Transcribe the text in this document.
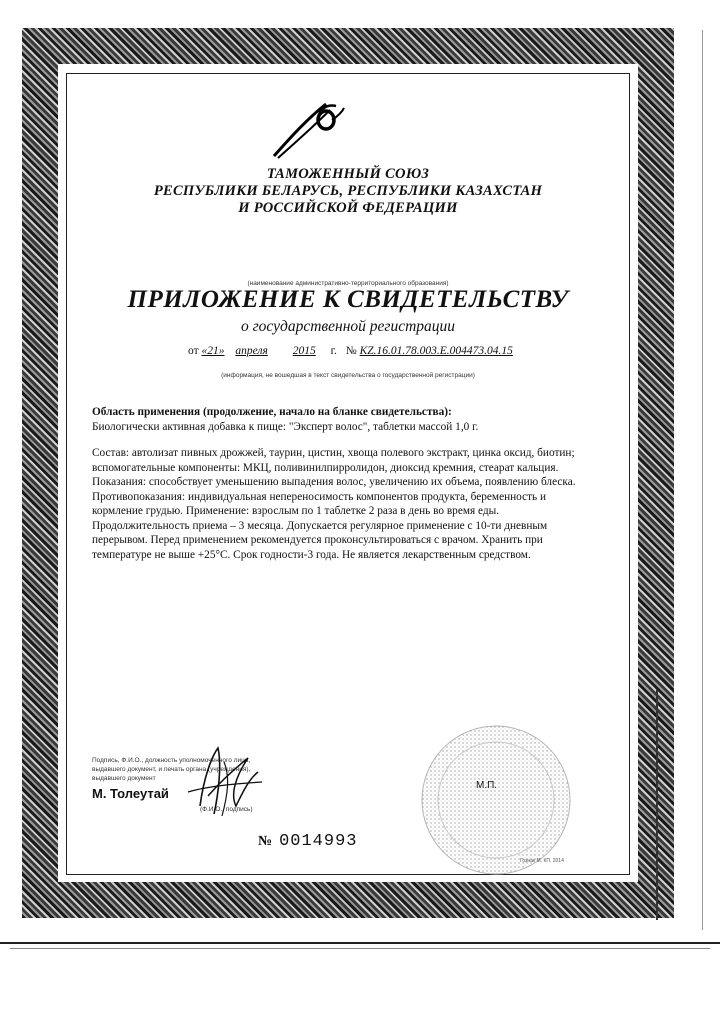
ТАМОЖЕННЫЙ СОЮЗ
РЕСПУБЛИКИ БЕЛАРУСЬ, РЕСПУБЛИКИ КАЗАХСТАН
И РОССИЙСКОЙ ФЕДЕРАЦИИ
(наименование административно-территориального образования)
ПРИЛОЖЕНИЕ К СВИДЕТЕЛЬСТВУ
о государственной регистрации
от «21» апреля 2015 г. № KZ.16.01.78.003.E.004473.04.15
(информация, не вошедшая в текст свидетельства о государственной регистрации)

Область применения (продолжение, начало на бланке свидетельства):

Биологически активная добавка к пище: "Эксперт волос", таблетки массой 1,0 г.

Состав: автолизат пивных дрожжей, таурин, цистин, хвоща полевого экстракт, цинка оксид, биотин; вспомогательные компоненты: МКЦ, поливинилпирролидон, диоксид кремния, стеарат кальция. Показания: способствует уменьшению выпадения волос, увеличению их объема, появлению блеска. Противопоказания: индивидуальная непереносимость компонентов продукта, беременность и кормление грудью. Применение: взрослым по 1 таблетке 2 раза в день во время еды. Продолжительность приема – 3 месяца. Допускается регулярное применение с 10-ти дневным перерывом. Перед применением рекомендуется проконсультироваться с врачом. Хранить при температуре не выше +25°С. Срок годности-3 года. Не является лекарственным средством.

Подпись, Ф.И.О., должность уполномоченного лица,
выдавшего документ, и печать органа (учреждения),
выдавшего документ
М. Толеутай
(Ф.И.О., подпись)
М.П.
№ 0014993
Гознак М. КП. 2014
